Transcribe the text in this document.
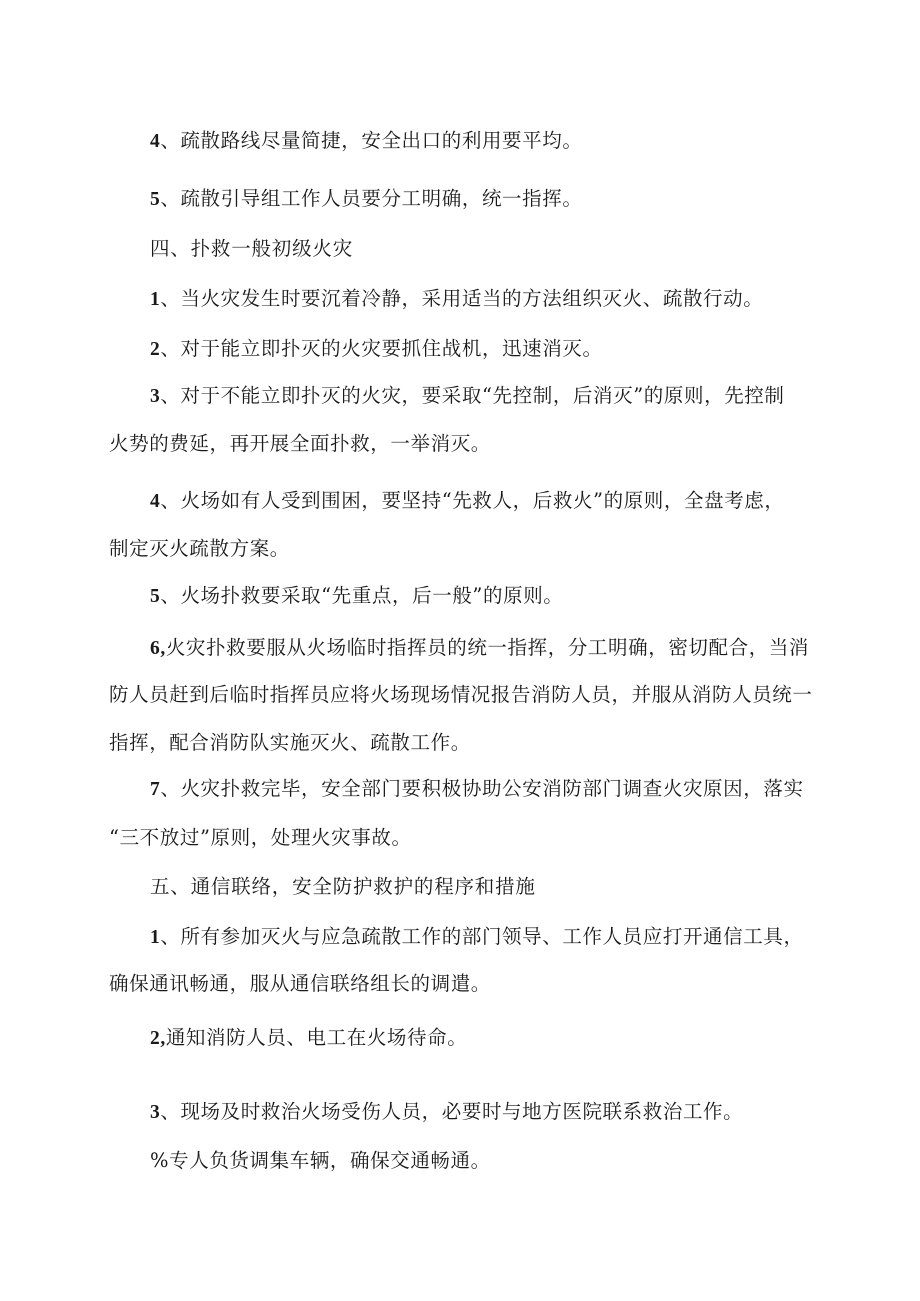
4、疏散路线尽量简捷，安全出口的利用要平均。
5、疏散引导组工作人员要分工明确，统一指挥。
四、扑救一般初级火灾
1、当火灾发生时要沉着冷静，采用适当的方法组织灭火、疏散行动。
2、对于能立即扑灭的火灾要抓住战机，迅速消灭。
3、对于不能立即扑灭的火灾，要采取“先控制，后消灭”的原则，先控制
火势的费延，再开展全面扑救，一举消灭。
4、火场如有人受到围困，要坚持“先救人，后救火”的原则，全盘考虑，
制定灭火疏散方案。
5、火场扑救要采取“先重点，后一般”的原则。
6,火灾扑救要服从火场临时指挥员的统一指挥，分工明确，密切配合，当消
防人员赶到后临时指挥员应将火场现场情况报告消防人员，并服从消防人员统一
指挥，配合消防队实施灭火、疏散工作。
7、火灾扑救完毕，安全部门要积极协助公安消防部门调查火灾原因，落实
“三不放过”原则，处理火灾事故。
五、通信联络，安全防护救护的程序和措施
1、所有参加灭火与应急疏散工作的部门领导、工作人员应打开通信工具，
确保通讯畅通，服从通信联络组长的调遣。
2,通知消防人员、电工在火场待命。
3、现场及时救治火场受伤人员，必要时与地方医院联系救治工作。
%专人负货调集车辆，确保交通畅通。
